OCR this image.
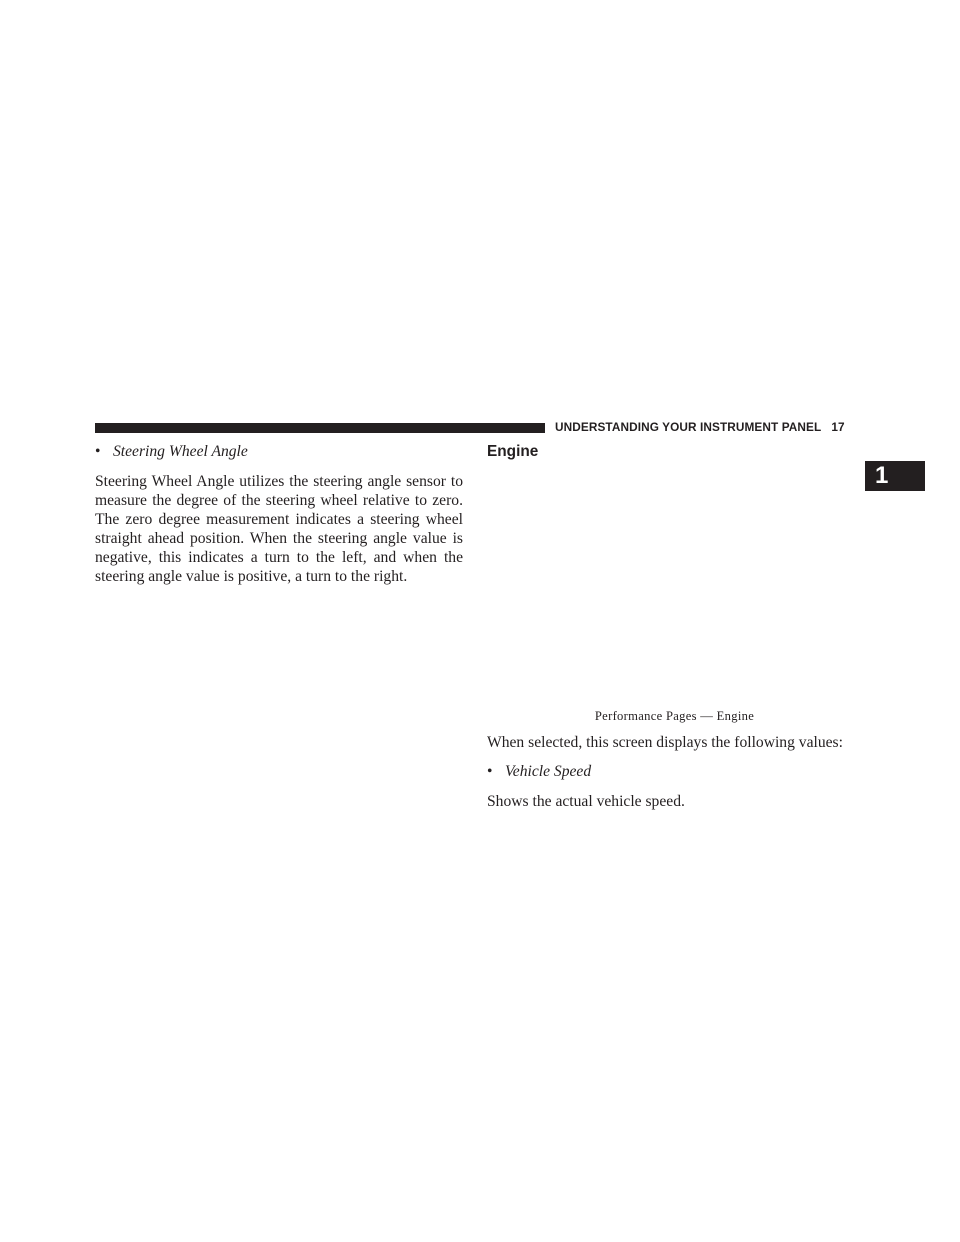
UNDERSTANDING YOUR INSTRUMENT PANEL 17
1
• Steering Wheel Angle

Steering Wheel Angle utilizes the steering angle sensor to measure the degree of the steering wheel relative to zero. The zero degree measurement indicates a steering wheel straight ahead position. When the steering angle value is negative, this indicates a turn to the left, and when the steering angle value is positive, a turn to the right.

Engine
Performance Pages — Engine

When selected, this screen displays the following values:

• Vehicle Speed

Shows the actual vehicle speed.
